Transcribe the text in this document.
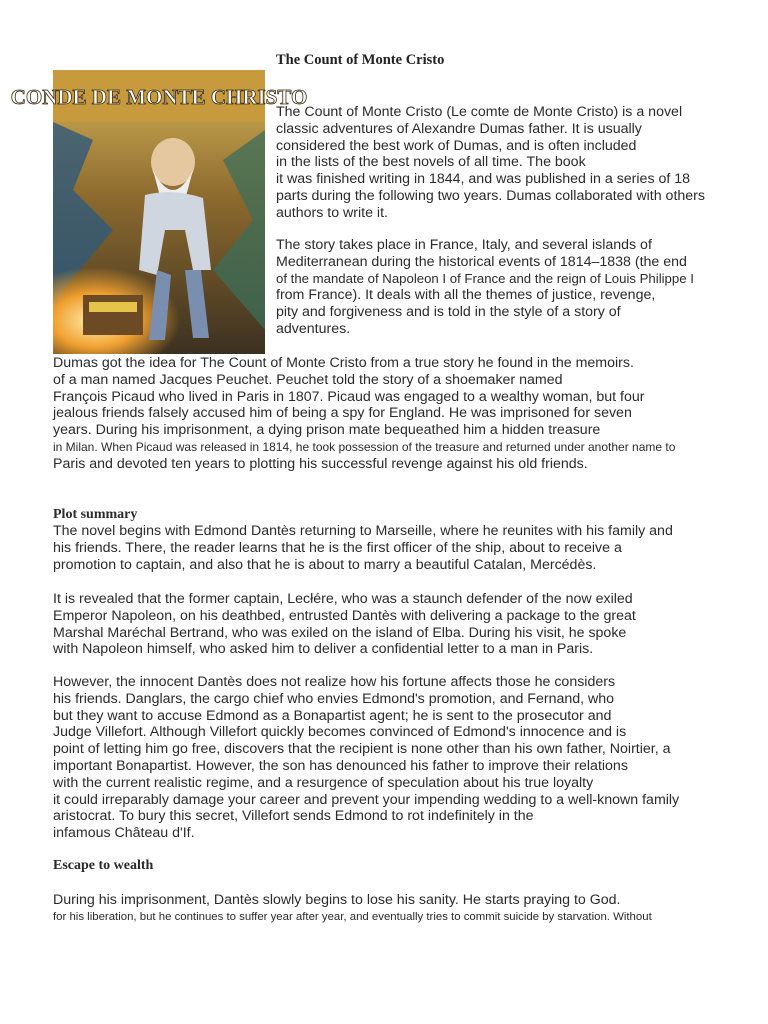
The Count of Monte Cristo
CONDE DE MONTE CHRISTO
The Count of Monte Cristo (Le comte de Monte Cristo) is a novel
classic adventures of Alexandre Dumas father. It is usually
considered the best work of Dumas, and is often included
in the lists of the best novels of all time. The book
it was finished writing in 1844, and was published in a series of 18
parts during the following two years. Dumas collaborated with others
authors to write it.
The story takes place in France, Italy, and several islands of
Mediterranean during the historical events of 1814–1838 (the end
of the mandate of Napoleon I of France and the reign of Louis Philippe I
from France). It deals with all the themes of justice, revenge,
pity and forgiveness and is told in the style of a story of
adventures.
Dumas got the idea for The Count of Monte Cristo from a true story he found in the memoirs.
of a man named Jacques Peuchet. Peuchet told the story of a shoemaker named
François Picaud who lived in Paris in 1807. Picaud was engaged to a wealthy woman, but four
jealous friends falsely accused him of being a spy for England. He was imprisoned for seven
years. During his imprisonment, a dying prison mate bequeathed him a hidden treasure
in Milan. When Picaud was released in 1814, he took possession of the treasure and returned under another name to
Paris and devoted ten years to plotting his successful revenge against his old friends.
Plot summary
The novel begins with Edmond Dantès returning to Marseille, where he reunites with his family and
his friends. There, the reader learns that he is the first officer of the ship, about to receive a
promotion to captain, and also that he is about to marry a beautiful Catalan, Mercédès.
It is revealed that the former captain, Lecłére, who was a staunch defender of the now exiled
Emperor Napoleon, on his deathbed, entrusted Dantès with delivering a package to the great
Marshal Maréchal Bertrand, who was exiled on the island of Elba. During his visit, he spoke
with Napoleon himself, who asked him to deliver a confidential letter to a man in Paris.
However, the innocent Dantès does not realize how his fortune affects those he considers
his friends. Danglars, the cargo chief who envies Edmond's promotion, and Fernand, who
but they want to accuse Edmond as a Bonapartist agent; he is sent to the prosecutor and
Judge Villefort. Although Villefort quickly becomes convinced of Edmond's innocence and is
point of letting him go free, discovers that the recipient is none other than his own father, Noirtier, a
important Bonapartist. However, the son has denounced his father to improve their relations
with the current realistic regime, and a resurgence of speculation about his true loyalty
it could irreparably damage your career and prevent your impending wedding to a well-known family
aristocrat. To bury this secret, Villefort sends Edmond to rot indefinitely in the
infamous Château d'If.
Escape to wealth
During his imprisonment, Dantès slowly begins to lose his sanity. He starts praying to God.
for his liberation, but he continues to suffer year after year, and eventually tries to commit suicide by starvation. Without
